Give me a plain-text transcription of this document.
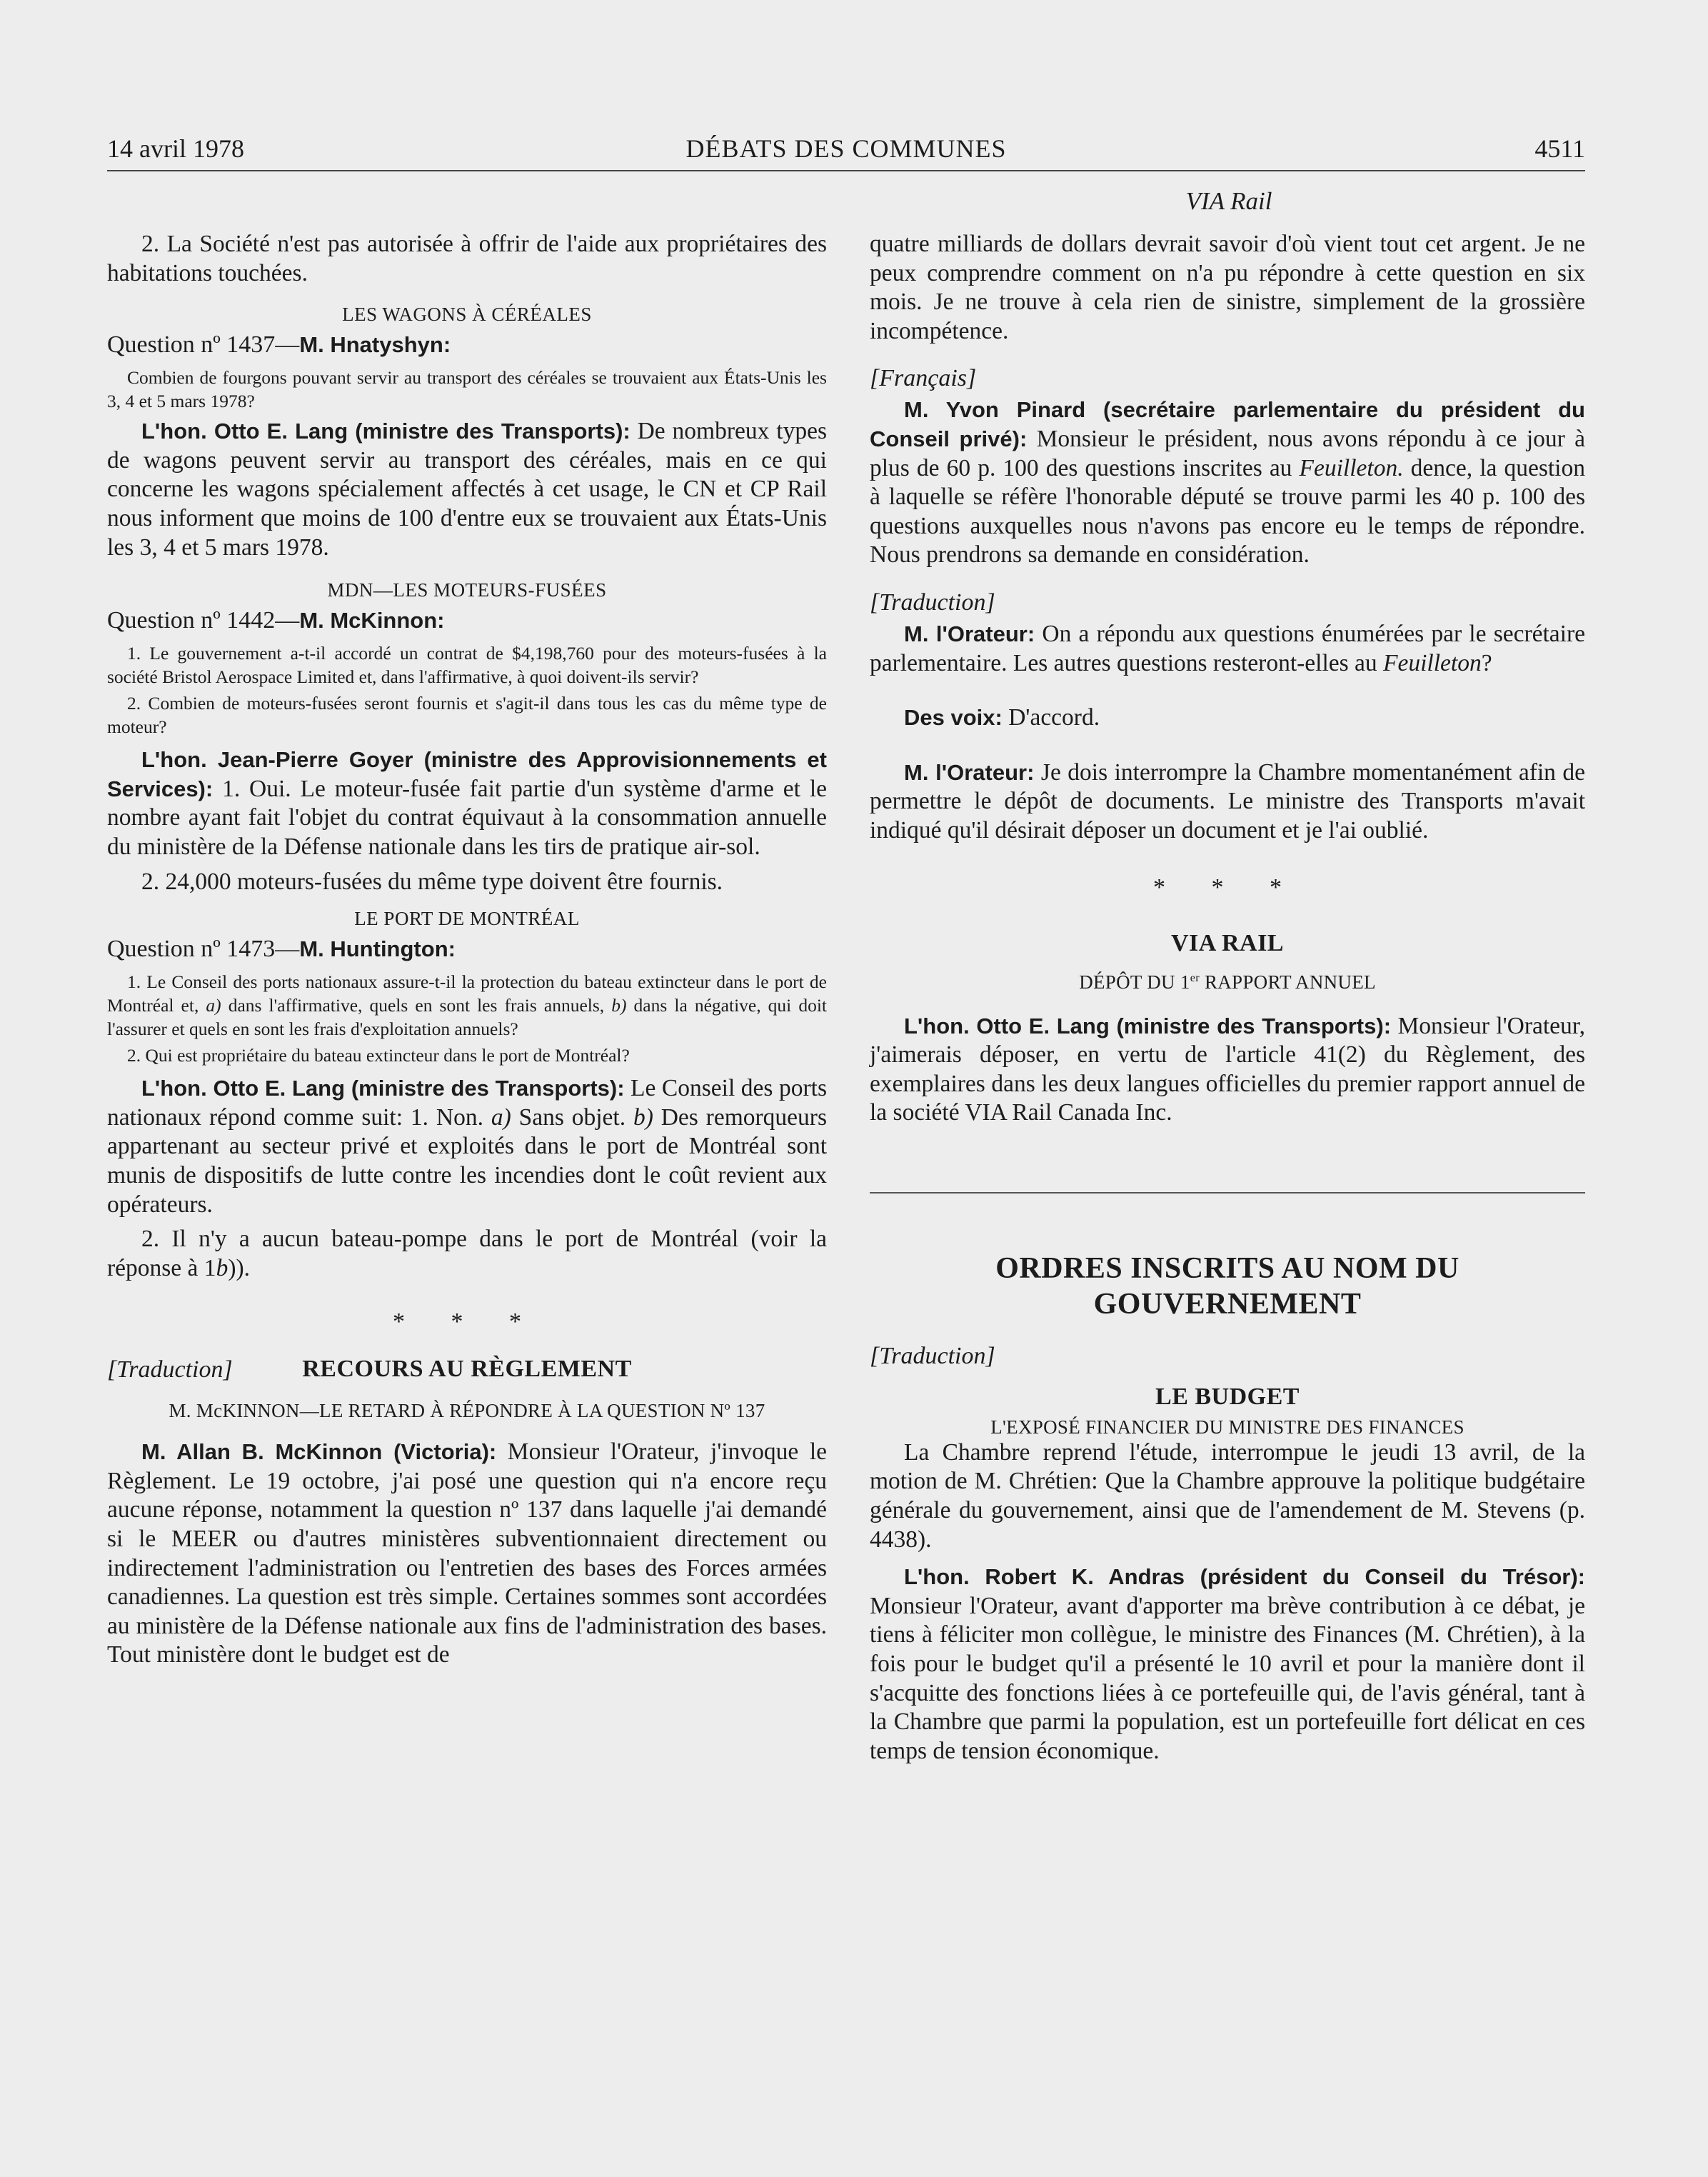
14 avril 1978	DÉBATS DES COMMUNES	4511
VIA Rail

2. La Société n'est pas autorisée à offrir de l'aide aux propriétaires des habitations touchées.

LES WAGONS À CÉRÉALES
Question nº 1437—M. Hnatyshyn:

Combien de fourgons pouvant servir au transport des céréales se trouvaient aux États-Unis les 3, 4 et 5 mars 1978?

L'hon. Otto E. Lang (ministre des Transports): De nombreux types de wagons peuvent servir au transport des céréales, mais en ce qui concerne les wagons spécialement affectés à cet usage, le CN et CP Rail nous informent que moins de 100 d'entre eux se trouvaient aux États-Unis les 3, 4 et 5 mars 1978.

MDN—LES MOTEURS-FUSÉES
Question nº 1442—M. McKinnon:

1. Le gouvernement a-t-il accordé un contrat de $4,198,760 pour des moteurs-fusées à la société Bristol Aerospace Limited et, dans l'affirmative, à quoi doivent-ils servir?

2. Combien de moteurs-fusées seront fournis et s'agit-il dans tous les cas du même type de moteur?

L'hon. Jean-Pierre Goyer (ministre des Approvisionnements et Services): 1. Oui. Le moteur-fusée fait partie d'un système d'arme et le nombre ayant fait l'objet du contrat équivaut à la consommation annuelle du ministère de la Défense nationale dans les tirs de pratique air-sol.

2. 24,000 moteurs-fusées du même type doivent être fournis.

LE PORT DE MONTRÉAL
Question nº 1473—M. Huntington:

1. Le Conseil des ports nationaux assure-t-il la protection du bateau extincteur dans le port de Montréal et, a) dans l'affirmative, quels en sont les frais annuels, b) dans la négative, qui doit l'assurer et quels en sont les frais d'exploitation annuels?

2. Qui est propriétaire du bateau extincteur dans le port de Montréal?

L'hon. Otto E. Lang (ministre des Transports): Le Conseil des ports nationaux répond comme suit: 1. Non. a) Sans objet. b) Des remorqueurs appartenant au secteur privé et exploités dans le port de Montréal sont munis de dispositifs de lutte contre les incendies dont le coût revient aux opérateurs.

2. Il n'y a aucun bateau-pompe dans le port de Montréal (voir la réponse à 1b)).

* * *
[Traduction]	RECOURS AU RÈGLEMENT
M. McKINNON—LE RETARD À RÉPONDRE À LA QUESTION Nº 137

M. Allan B. McKinnon (Victoria): Monsieur l'Orateur, j'invoque le Règlement. Le 19 octobre, j'ai posé une question qui n'a encore reçu aucune réponse, notamment la question nº 137 dans laquelle j'ai demandé si le MEER ou d'autres ministères subventionnaient directement ou indirectement l'administration ou l'entretien des bases des Forces armées canadiennes. La question est très simple. Certaines sommes sont accordées au ministère de la Défense nationale aux fins de l'administration des bases. Tout ministère dont le budget est de

quatre milliards de dollars devrait savoir d'où vient tout cet argent. Je ne peux comprendre comment on n'a pu répondre à cette question en six mois. Je ne trouve à cela rien de sinistre, simplement de la grossière incompétence.

[Français]

M. Yvon Pinard (secrétaire parlementaire du président du Conseil privé): Monsieur le président, nous avons répondu à ce jour à plus de 60 p. 100 des questions inscrites au Feuilleton. dence, la question à laquelle se réfère l'honorable député se trouve parmi les 40 p. 100 des questions auxquelles nous n'avons pas encore eu le temps de répondre. Nous prendrons sa demande en considération.

[Traduction]

M. l'Orateur: On a répondu aux questions énumérées par le secrétaire parlementaire. Les autres questions resteront-elles au Feuilleton?

Des voix: D'accord.

M. l'Orateur: Je dois interrompre la Chambre momentanément afin de permettre le dépôt de documents. Le ministre des Transports m'avait indiqué qu'il désirait déposer un document et je l'ai oublié.

* * *
VIA RAIL
DÉPÔT DU 1er RAPPORT ANNUEL

L'hon. Otto E. Lang (ministre des Transports): Monsieur l'Orateur, j'aimerais déposer, en vertu de l'article 41(2) du Règlement, des exemplaires dans les deux langues officielles du premier rapport annuel de la société VIA Rail Canada Inc.

ORDRES INSCRITS AU NOM DU GOUVERNEMENT
[Traduction]
LE BUDGET
L'EXPOSÉ FINANCIER DU MINISTRE DES FINANCES

La Chambre reprend l'étude, interrompue le jeudi 13 avril, de la motion de M. Chrétien: Que la Chambre approuve la politique budgétaire générale du gouvernement, ainsi que de l'amendement de M. Stevens (p. 4438).

L'hon. Robert K. Andras (président du Conseil du Trésor): Monsieur l'Orateur, avant d'apporter ma brève contribution à ce débat, je tiens à féliciter mon collègue, le ministre des Finances (M. Chrétien), à la fois pour le budget qu'il a présenté le 10 avril et pour la manière dont il s'acquitte des fonctions liées à ce portefeuille qui, de l'avis général, tant à la Chambre que parmi la population, est un portefeuille fort délicat en ces temps de tension économique.
